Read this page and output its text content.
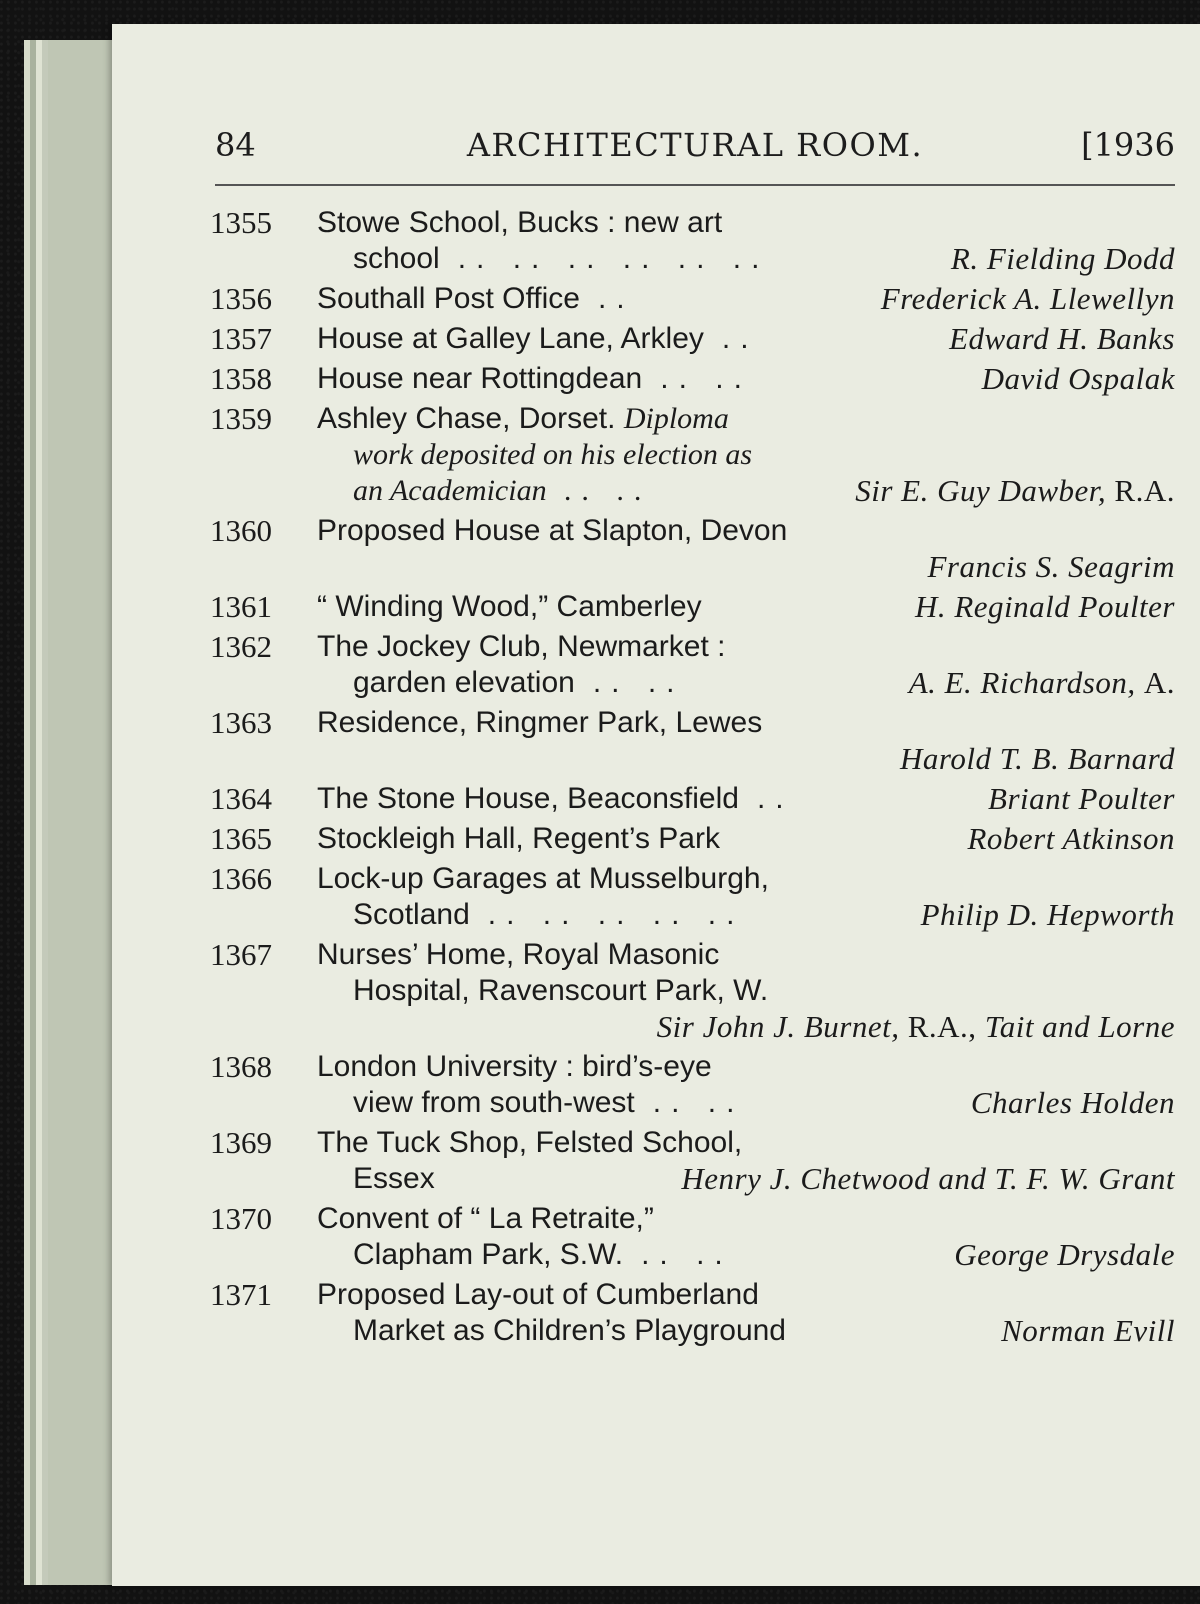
84	ARCHITECTURAL ROOM.	[1936
1355	Stowe School, Bucks : new art
school .. .. .. .. .. ..	R. Fielding Dodd
1356	Southall Post Office ..	Frederick A. Llewellyn
1357	House at Galley Lane, Arkley ..	Edward H. Banks
1358	House near Rottingdean .. ..	David Ospalak
1359	Ashley Chase, Dorset. Diploma
work deposited on his election as
an Academician .. ..	Sir E. Guy Dawber, R.A.
1360	Proposed House at Slapton, Devon
Francis S. Seagrim
1361	“ Winding Wood,” Camberley	H. Reginald Poulter
1362	The Jockey Club, Newmarket :
garden elevation .. ..	A. E. Richardson, A.
1363	Residence, Ringmer Park, Lewes
Harold T. B. Barnard
1364	The Stone House, Beaconsfield ..	Briant Poulter
1365	Stockleigh Hall, Regent’s Park	Robert Atkinson
1366	Lock-up Garages at Musselburgh,
Scotland .. .. .. .. ..	Philip D. Hepworth
1367	Nurses’ Home, Royal Masonic
Hospital, Ravenscourt Park, W.
Sir John J. Burnet, R.A., Tait and Lorne
1368	London University : bird’s-eye
view from south-west .. ..	Charles Holden
1369	The Tuck Shop, Felsted School,
Essex	Henry J. Chetwood and T. F. W. Grant
1370	Convent of “ La Retraite,”
Clapham Park, S.W. .. ..	George Drysdale
1371	Proposed Lay-out of Cumberland
Market as Children’s Playground	Norman Evill
